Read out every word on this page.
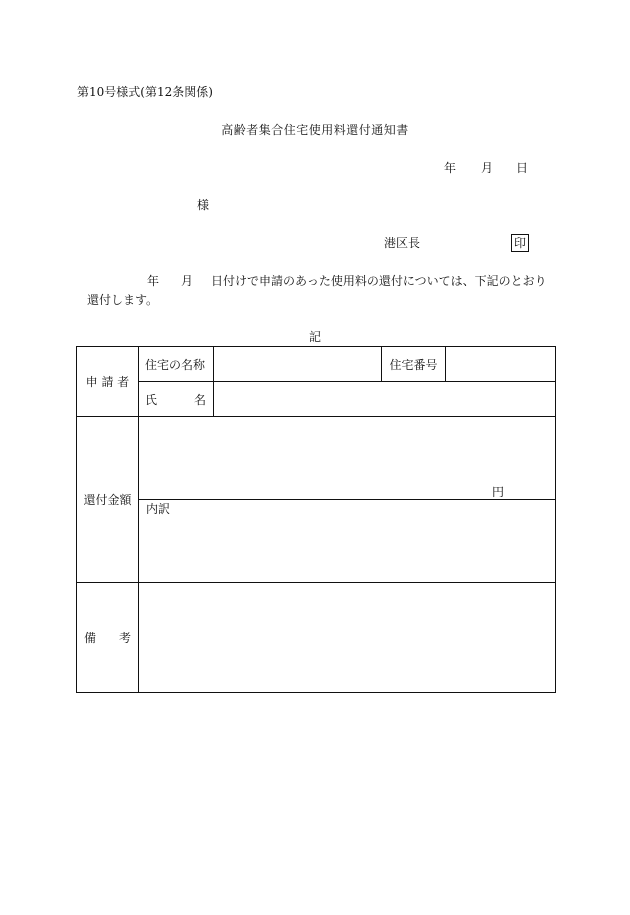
第10号様式(第12条関係)
高齢者集合住宅使用料還付通知書
年 月 日
様
港区長	印
年 月 日付けで申請のあった使用料の還付については、下記のとおり
還付します。
記
申 請 者	住宅の名称		住宅番号	
	氏 名			

還付金額	円			

	内訳			

備 考				
